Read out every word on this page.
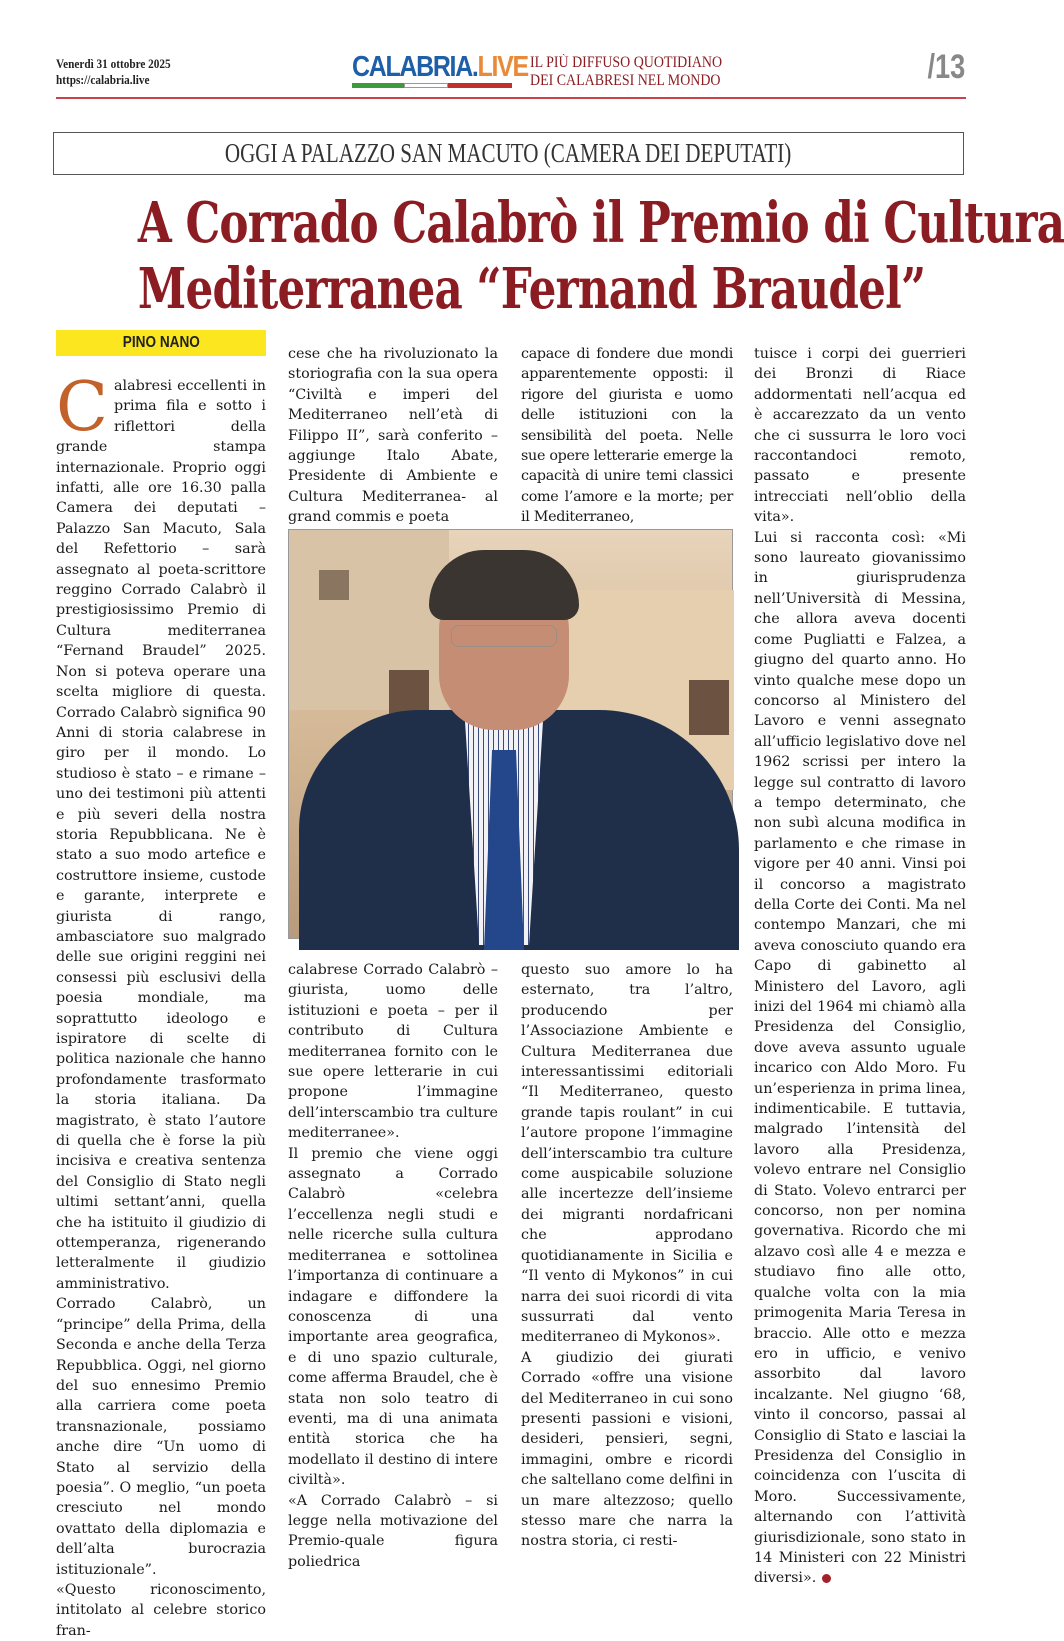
Venerdì 31 ottobre 2025
https://calabria.live	CALABRIA.LIVE IL PIÙ DIFFUSO QUOTIDIANO
DEI CALABRESI NEL MONDO	/13
OGGI A PALAZZO SAN MACUTO (CAMERA DEI DEPUTATI)
A Corrado Calabrò il Premio di Cultura
Mediterranea “Fernand Braudel”
PINO NANO

Calabresi eccellenti in prima fila e sotto i riflettori della grande stampa internazionale. Proprio oggi infatti, alle ore 16.30 palla Camera dei deputati – Palazzo San Macuto, Sala del Refettorio – sarà assegnato al poeta-scrittore reggino Corrado Calabrò il prestigiosissimo Premio di Cultura mediterranea “Fernand Braudel” 2025. Non si poteva operare una scelta migliore di questa. Corrado Calabrò significa 90 Anni di storia calabrese in giro per il mondo. Lo studioso è stato – e rimane – uno dei testimoni più attenti e più severi della nostra storia Repubblicana. Ne è stato a suo modo artefice e costruttore insieme, custode e garante, interprete e giurista di rango, ambasciatore suo malgrado delle sue origini reggini nei consessi più esclusivi della poesia mondiale, ma soprattutto ideologo e ispiratore di scelte di politica nazionale che hanno profondamente trasformato la storia italiana. Da magistrato, è stato l’autore di quella che è forse la più incisiva e creativa sentenza del Consiglio di Stato negli ultimi settant’anni, quella che ha istituito il giudizio di ottemperanza, rigenerando letteralmente il giudizio amministrativo.

Corrado Calabrò, un “principe” della Prima, della Seconda e anche della Terza Repubblica. Oggi, nel giorno del suo ennesimo Premio alla carriera come poeta transnazionale, possiamo anche dire “Un uomo di Stato al servizio della poesia”. O meglio, “un poeta cresciuto nel mondo ovattato della diplomazia e dell’alta burocrazia istituzionale”.

«Questo riconoscimento, intitolato al celebre storico fran-

cese che ha rivoluzionato la storiografia con la sua opera “Civiltà e imperi del Mediterraneo nell’età di Filippo II”, sarà conferito – aggiunge Italo Abate, Presidente di Ambiente e Cultura Mediterranea- al grand commis e poeta

capace di fondere due mondi apparentemente opposti: il rigore del giurista e uomo delle istituzioni con la sensibilità del poeta. Nelle sue opere letterarie emerge la capacità di unire temi classici come l’amore e la morte; per il Mediterraneo,

calabrese Corrado Calabrò – giurista, uomo delle istituzioni e poeta – per il contributo di Cultura mediterranea fornito con le sue opere letterarie in cui propone l’immagine dell’interscambio tra culture mediterranee».

Il premio che viene oggi assegnato a Corrado Calabrò «celebra l’eccellenza negli studi e nelle ricerche sulla cultura mediterranea e sottolinea l’importanza di continuare a indagare e diffondere la conoscenza di una importante area geografica, e di uno spazio culturale, come afferma Braudel, che è stata non solo teatro di eventi, ma di una animata entità storica che ha modellato il destino di intere civiltà».

«A Corrado Calabrò – si legge nella motivazione del Premio-quale figura poliedrica

questo suo amore lo ha esternato, tra l’altro, producendo per l’Associazione Ambiente e Cultura Mediterranea due interessantissimi editoriali “Il Mediterraneo, questo grande tapis roulant” in cui l’autore propone l’immagine dell’interscambio tra culture come auspicabile soluzione alle incertezze dell’insieme dei migranti nordafricani che approdano quotidianamente in Sicilia e “Il vento di Mykonos” in cui narra dei suoi ricordi di vita sussurrati dal vento mediterraneo di Mykonos».

A giudizio dei giurati Corrado «offre una visione del Mediterraneo in cui sono presenti passioni e visioni, desideri, pensieri, segni, immagini, ombre e ricordi che saltellano come delfini in un mare altezzoso; quello stesso mare che narra la nostra storia, ci resti-

tuisce i corpi dei guerrieri dei Bronzi di Riace addormentati nell’acqua ed è accarezzato da un vento che ci sussurra le loro voci raccontandoci remoto, passato e presente intrecciati nell’oblio della vita».

Lui si racconta così: «Mi sono laureato giovanissimo in giurisprudenza nell’Università di Messina, che allora aveva docenti come Pugliatti e Falzea, a giugno del quarto anno. Ho vinto qualche mese dopo un concorso al Ministero del Lavoro e venni assegnato all’ufficio legislativo dove nel 1962 scrissi per intero la legge sul contratto di lavoro a tempo determinato, che non subì alcuna modifica in parlamento e che rimase in vigore per 40 anni. Vinsi poi il concorso a magistrato della Corte dei Conti. Ma nel contempo Manzari, che mi aveva conosciuto quando era Capo di gabinetto al Ministero del Lavoro, agli inizi del 1964 mi chiamò alla Presidenza del Consiglio, dove aveva assunto uguale incarico con Aldo Moro. Fu un’esperienza in prima linea, indimenticabile. E tuttavia, malgrado l’intensità del lavoro alla Presidenza, volevo entrare nel Consiglio di Stato. Volevo entrarci per concorso, non per nomina governativa. Ricordo che mi alzavo così alle 4 e mezza e studiavo fino alle otto, qualche volta con la mia primogenita Maria Teresa in braccio. Alle otto e mezza ero in ufficio, e venivo assorbito dal lavoro incalzante. Nel giugno ‘68, vinto il concorso, passai al Consiglio di Stato e lasciai la Presidenza del Consiglio in coincidenza con l’uscita di Moro. Successivamente, alternando con l’attività giurisdizionale, sono stato in 14 Ministeri con 22 Ministri diversi».
